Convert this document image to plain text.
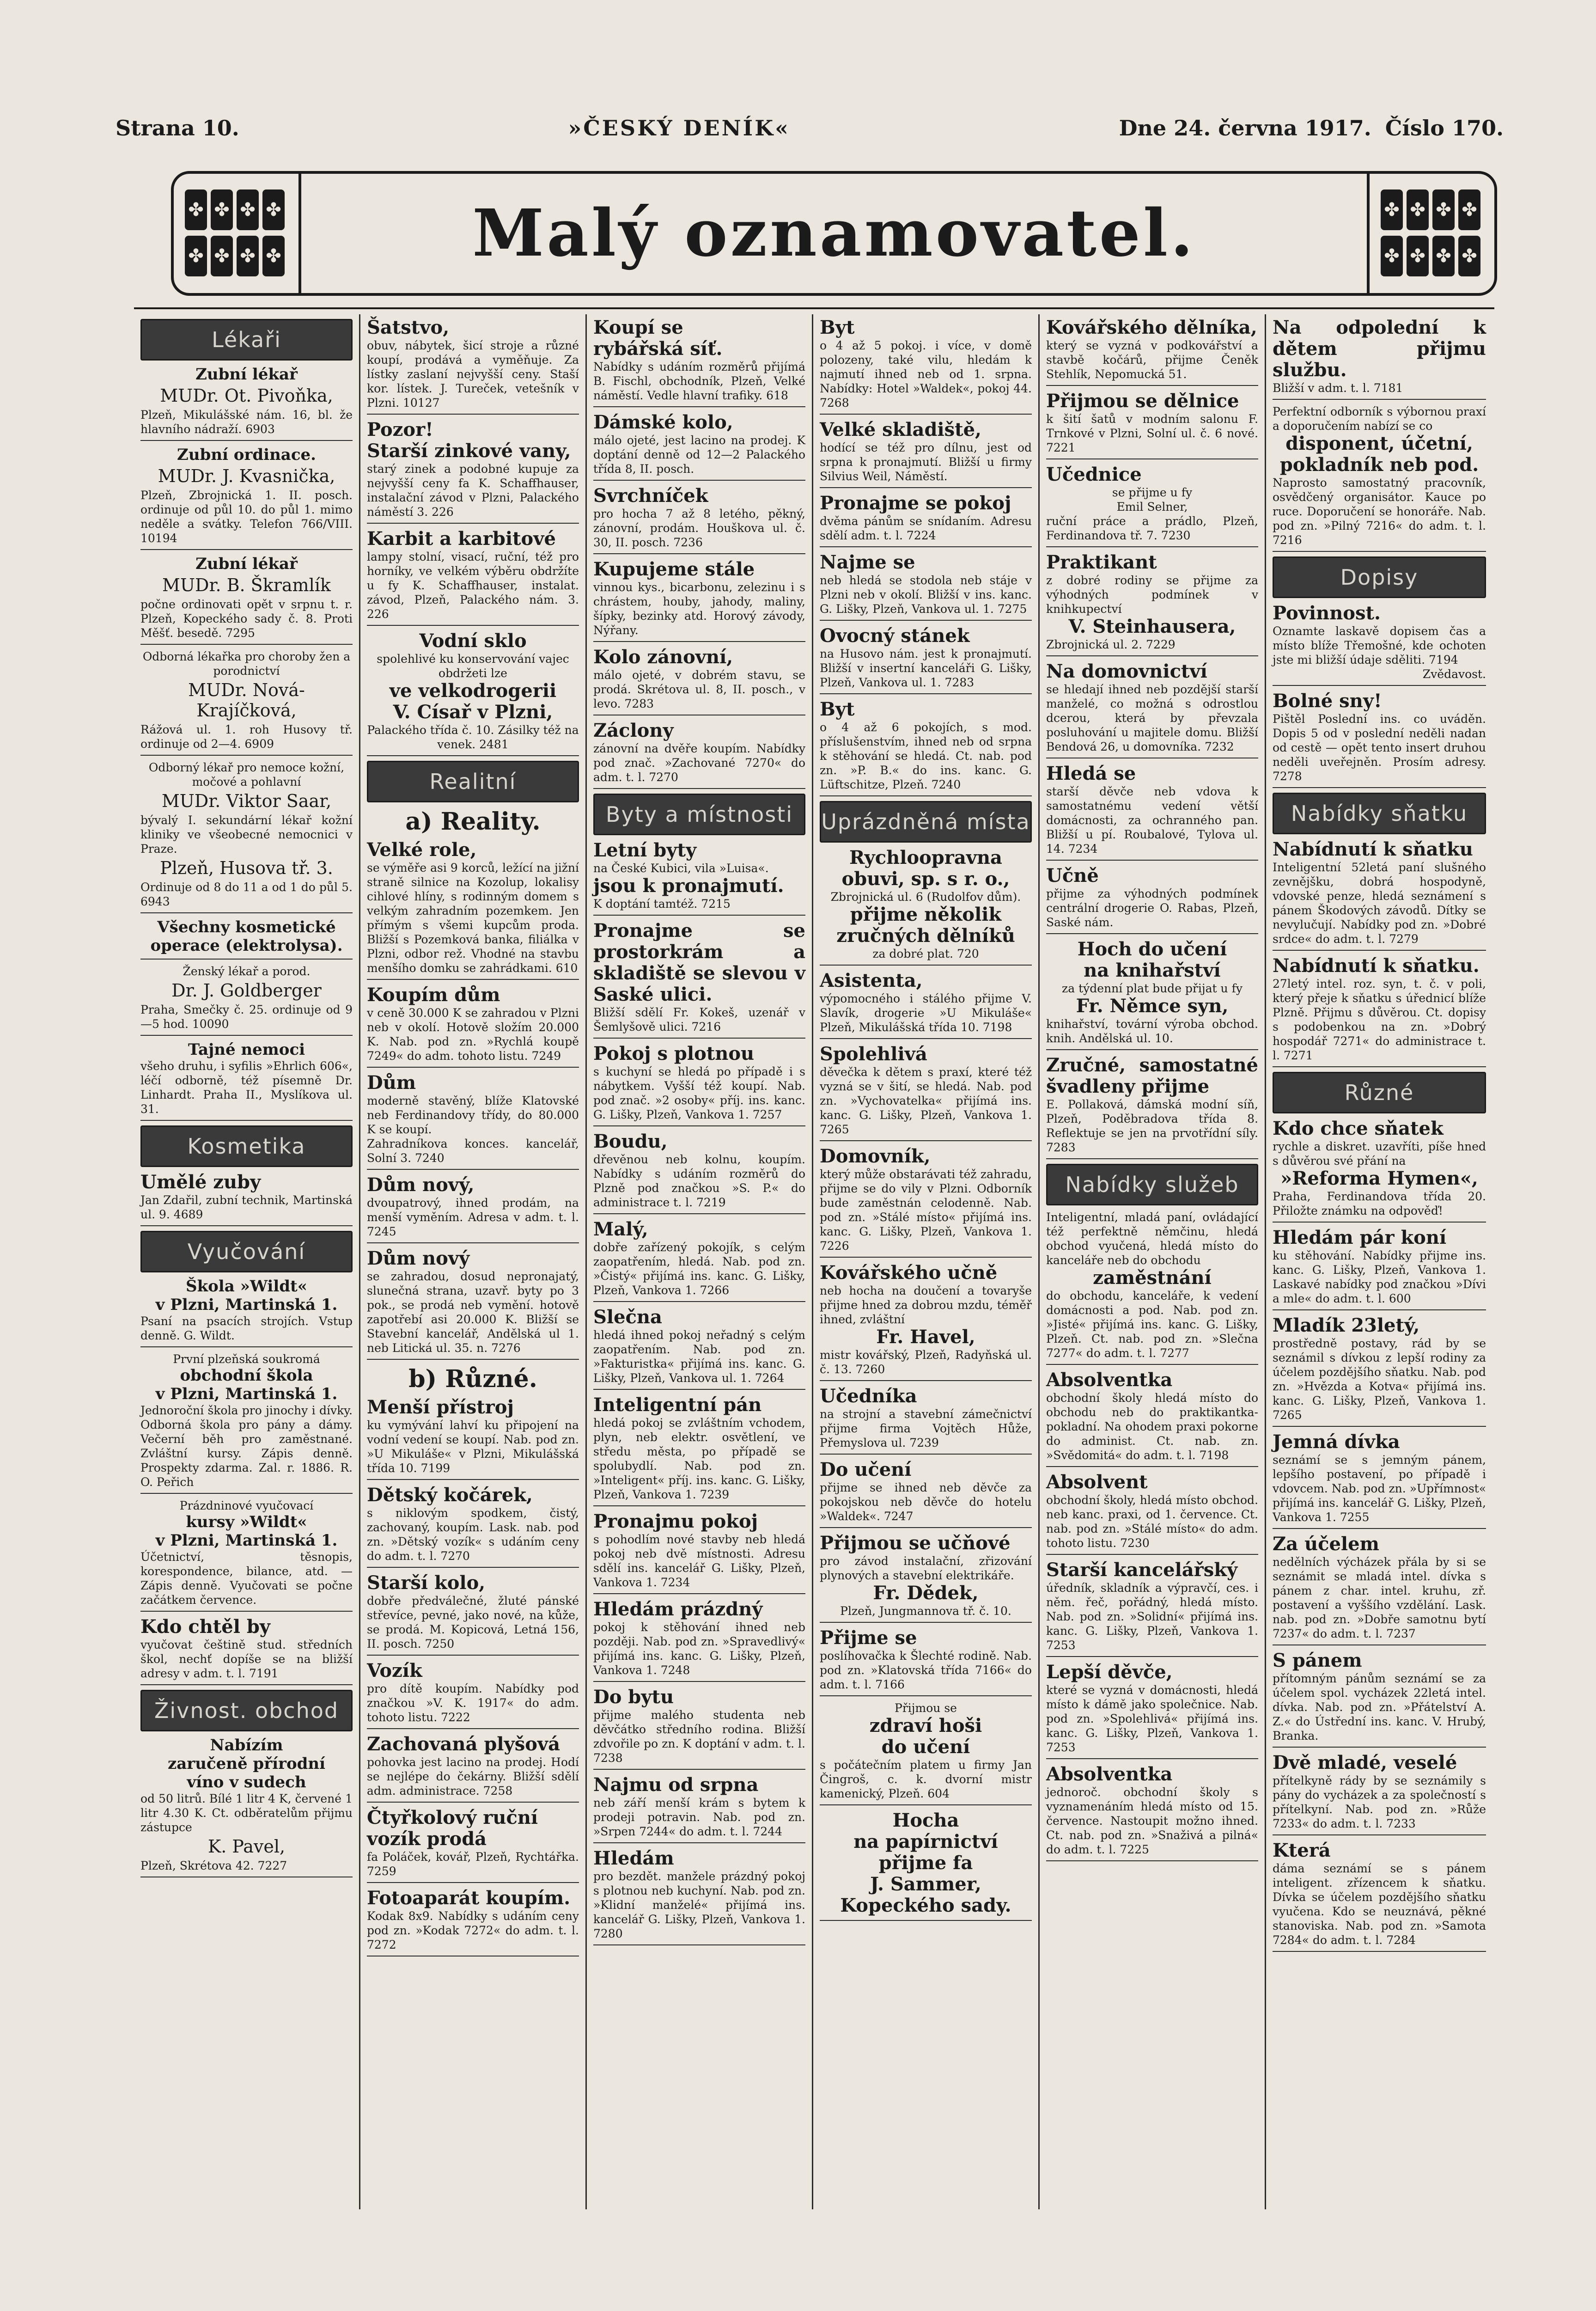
Strana 10.	»ČESKÝ DENÍK«	Dne 24. června 1917. Číslo 170.
✤ ✤ ✤ ✤
✤ ✤ ✤ ✤	Malý oznamovatel.	✤ ✤ ✤ ✤
✤ ✤ ✤ ✤
Lékaři
Zubní lékař

MUDr. Ot. Pivoňka,

Plzeň, Mikulášské nám. 16, bl. že hlavního nádraží. 6903

Zubní ordinace.

MUDr. J. Kvasnička,

Plzeň, Zbrojnická 1. II. posch. ordinuje od půl 10. do půl 1. mimo neděle a svátky. Telefon 766/VIII. 10194

Zubní lékař

MUDr. B. Škramlík

počne ordinovati opět v srpnu t. r. Plzeň, Kopeckého sady č. 8. Proti Měšť. besedě. 7295

Odborná lékařka pro choroby žen a porodnictví

MUDr. Nová-Krajíčková,

Rážová ul. 1. roh Husovy tř. ordinuje od 2—4. 6909

Odborný lékař pro nemoce kožní, močové a pohlavní

MUDr. Viktor Saar,

bývalý I. sekundární lékař kožní kliniky ve všeobecné nemocnici v Praze.

Plzeň, Husova tř. 3.

Ordinuje od 8 do 11 a od 1 do půl 5. 6943

Všechny kosmetické operace (elektrolysa).

Ženský lékař a porod.

Dr. J. Goldberger

Praha, Smečky č. 25. ordinuje od 9—5 hod. 10090

Tajné nemoci

všeho druhu, i syfilis »Ehrlich 606«, léčí odborně, též písemně Dr. Linhardt. Praha II., Myslíkova ul. 31.

Kosmetika
Umělé zuby

Jan Zdařil, zubní technik, Martinská ul. 9. 4689

Vyučování
Škola »Wildt«
v Plzni, Martinská 1.

Psaní na psacích strojích. Vstup denně. G. Wildt.

První plzeňská soukromá

obchodní škola
v Plzni, Martinská 1.

Jednoroční škola pro jinochy i dívky. Odborná škola pro pány a dámy. Večerní běh pro zaměstnané. Zvláštní kursy. Zápis denně. Prospekty zdarma. Zal. r. 1886. R. O. Peřich

Prázdninové vyučovací

kursy »Wildt«
v Plzni, Martinská 1.

Účetnictví, těsnopis, korespondence, bilance, atd. — Zápis denně. Vyučovati se počne začátkem července.

Kdo chtěl by

vyučovat češtině stud. středních škol, nechť dopíše se na bližší adresy v adm. t. l. 7191

Živnost. obchod
Nabízím
zaručeně přírodní
víno v sudech

od 50 litrů. Bílé 1 litr 4 K, červené 1 litr 4.30 K. Ct. odběratelům přijmu zástupce

K. Pavel,

Plzeň, Skrétova 42. 7227

Šatstvo,

obuv, nábytek, šicí stroje a různé koupí, prodává a vyměňuje. Za lístky zaslaní nejvyšší ceny. Staší kor. lístek. J. Tureček, vetešník v Plzni. 10127

Pozor!
Starší zinkové vany,

starý zinek a podobné kupuje za nejvyšší ceny fa K. Schaffhauser, instalační závod v Plzni, Palackého náměstí 3. 226

Karbit a karbitové

lampy stolní, visací, ruční, též pro horníky, ve velkém výběru obdržíte u fy K. Schaffhauser, instalat. závod, Plzeň, Palackého nám. 3. 226

Vodní sklo

spolehlivé ku konservování vajec obdržeti lze

ve velkodrogerii
V. Císař v Plzni,

Palackého třída č. 10. Zásilky též na venek. 2481

Realitní
a) Reality.
Velké role,

se výměře asi 9 korců, ležící na jižní straně silnice na Kozolup, lokalisy cihlové hlíny, s rodinným domem s velkým zahradním pozemkem. Jen přímým s všemi kupcům proda. Bližší s Pozemková banka, filiálka v Plzni, odbor rež. Vhodné na stavbu menšího domku se zahrádkami. 610

Koupím dům

v ceně 30.000 K se zahradou v Plzni neb v okolí. Hotově složím 20.000 K. Nab. pod zn. »Rychlá koupě 7249« do adm. tohoto listu. 7249

Dům

moderně stavěný, blíže Klatovské neb Ferdinandovy třídy, do 80.000 K se koupí.

Zahradníkova konces. kancelář, Solní 3. 7240

Dům nový,

dvoupatrový, ihned prodám, na menší vyměním. Adresa v adm. t. l. 7245

Dům nový

se zahradou, dosud nepronajatý, slunečná strana, uzavř. byty po 3 pok., se prodá neb vymění. hotově zapotřebí asi 20.000 K. Bližší se Stavební kancelář, Andělská ul 1. neb Litická ul. 35. n. 7276

b) Různé.
Menší přístroj

ku vymývání lahví ku připojení na vodní vedení se koupí. Nab. pod zn. »U Mikuláše« v Plzni, Mikulášská třída 10. 7199

Dětský kočárek,

s niklovým spodkem, čistý, zachovaný, koupím. Lask. nab. pod zn. »Dětský vozík« s udáním ceny do adm. t. l. 7270

Starší kolo,

dobře předválečné, žluté pánské střevíce, pevné, jako nové, na kůže, se prodá. M. Kopicová, Letná 156, II. posch. 7250

Vozík

pro dítě koupím. Nabídky pod značkou »V. K. 1917« do adm. tohoto listu. 7222

Zachovaná plyšová

pohovka jest lacino na prodej. Hodí se nejlépe do čekárny. Bližší sdělí adm. administrace. 7258

Čtyřkolový ruční
vozík prodá

fa Poláček, kovář, Plzeň, Rychtářka. 7259

Fotoaparát koupím.

Kodak 8x9. Nabídky s udáním ceny pod zn. »Kodak 7272« do adm. t. l. 7272

Koupí se
rybářská síť.

Nabídky s udáním rozměrů přijímá B. Fischl, obchodník, Plzeň, Velké náměstí. Vedle hlavní trafiky. 618

Dámské kolo,

málo ojeté, jest lacino na prodej. K doptání denně od 12—2 Palackého třída 8, II. posch.

Svrchníček

pro hocha 7 až 8 letého, pěkný, zánovní, prodám. Houškova ul. č. 30, II. posch. 7236

Kupujeme stále

vinnou kys., bicarbonu, zelezinu i s chrástem, houby, jahody, maliny, šípky, bezinky atd. Horový závody, Nýřany.

Kolo zánovní,

málo ojeté, v dobrém stavu, se prodá. Skrétova ul. 8, II. posch., v levo. 7283

Záclony

zánovní na dvěře koupím. Nabídky pod znač. »Zachované 7270« do adm. t. l. 7270

Byty a místnosti
Letní byty

na České Kubici, vila »Luisa«.

jsou k pronajmutí.

K doptání tamtéž. 7215

Pronajme se prostorkrám a skladiště se slevou v Saské ulici.

Bližší sdělí Fr. Kokeš, uzenář v Šemlyšově ulici. 7216

Pokoj s plotnou

s kuchyní se hledá po případě i s nábytkem. Vyšší též koupí. Nab. pod znač. »2 osoby« příj. ins. kanc. G. Lišky, Plzeň, Vankova 1. 7257

Boudu,

dřevěnou neb kolnu, koupím. Nabídky s udáním rozměrů do Plzně pod značkou »S. P.« do administrace t. l. 7219

Malý,

dobře zařízený pokojík, s celým zaopatřením, hledá. Nab. pod zn. »Čistý« přijímá ins. kanc. G. Lišky, Plzeň, Vankova 1. 7266

Slečna

hledá ihned pokoj neřadný s celým zaopatřením. Nab. pod zn. »Fakturistka« přijímá ins. kanc. G. Lišky, Plzeň, Vankova ul. 1. 7264

Inteligentní pán

hledá pokoj se zvláštním vchodem, plyn, neb elektr. osvětlení, ve středu města, po případě se spolubydlí. Nab. pod zn. »Inteligent« příj. ins. kanc. G. Lišky, Plzeň, Vankova 1. 7239

Pronajmu pokoj

s pohodlím nové stavby neb hledá pokoj neb dvě místnosti. Adresu sdělí ins. kancelář G. Lišky, Plzeň, Vankova 1. 7234

Hledám prázdný

pokoj k stěhování ihned neb později. Nab. pod zn. »Spravedlivý« přijímá ins. kanc. G. Lišky, Plzeň, Vankova 1. 7248

Do bytu

přijme malého studenta neb děvčátko středního rodina. Bližší zdvořile po zn. K doptání v adm. t. l. 7238

Najmu od srpna

neb září menší krám s bytem k prodeji potravin. Nab. pod zn. »Srpen 7244« do adm. t. l. 7244

Hledám

pro bezdět. manžele prázdný pokoj s plotnou neb kuchyní. Nab. pod zn. »Klidní manželé« přijímá ins. kancelář G. Lišky, Plzeň, Vankova 1. 7280

Byt

o 4 až 5 pokoj. i více, v domě polozeny, také vilu, hledám k najmutí ihned neb od 1. srpna. Nabídky: Hotel »Waldek«, pokoj 44. 7268

Velké skladiště,

hodící se též pro dílnu, jest od srpna k pronajmutí. Bližší u firmy Silvius Weil, Náměstí.

Pronajme se pokoj

dvěma pánům se snídaním. Adresu sdělí adm. t. l. 7224

Najme se

neb hledá se stodola neb stáje v Plzni neb v okolí. Bližší v ins. kanc. G. Lišky, Plzeň, Vankova ul. 1. 7275

Ovocný stánek

na Husovo nám. jest k pronajmutí. Bližší v insertní kanceláři G. Lišky, Plzeň, Vankova ul. 1. 7283

Byt

o 4 až 6 pokojích, s mod. příslušenstvím, ihned neb od srpna k stěhování se hledá. Ct. nab. pod zn. »P. B.« do ins. kanc. G. Lüftschitze, Plzeň. 7240

Uprázdněná místa
Rychloopravna obuvi, sp. s r. o.,

Zbrojnická ul. 6 (Rudolfov dům).

přijme několik zručných dělníků

za dobré plat. 720

Asistenta,

výpomocného i stálého přijme V. Slavík, drogerie »U Mikuláše« Plzeň, Mikulášská třída 10. 7198

Spolehlivá

děvečka k dětem s praxí, které též vyzná se v šití, se hledá. Nab. pod zn. »Vychovatelka« přijímá ins. kanc. G. Lišky, Plzeň, Vankova 1. 7265

Domovník,

který může obstarávati též zahradu, přijme se do vily v Plzni. Odborník bude zaměstnán celodenně. Nab. pod zn. »Stálé místo« přijímá ins. kanc. G. Lišky, Plzeň, Vankova 1. 7226

Kovářského učně

neb hocha na doučení a tovaryše přijme hned za dobrou mzdu, téměř ihned, zvláštní

Fr. Havel,

mistr kovářský, Plzeň, Radyňská ul. č. 13. 7260

Učedníka

na strojní a stavební zámečnictví přijme firma Vojtěch Hůže, Přemyslova ul. 7239

Do učení

přijme se ihned neb děvče za pokojskou neb děvče do hotelu »Waldek«. 7247

Přijmou se učňové

pro závod instalační, zřizování plynových a stavební elektrikáře.

Fr. Dědek,

Plzeň, Jungmannova tř. č. 10.

Přijme se

poslíhovačka k Šlechté rodině. Nab. pod zn. »Klatovská třída 7166« do adm. t. l. 7166

Přijmou se

zdraví hoši
do učení

s počátečním platem u firmy Jan Čingroš, c. k. dvorní mistr kamenický, Plzeň. 604

Hocha
na papírnictví
přijme fa
J. Sammer,
Kopeckého sady.
Kovářského dělníka,

který se vyzná v podkovářství a stavbě kočárů, přijme Čeněk Stehlík, Nepomucká 51.

Přijmou se dělnice

k šití šatů v modním salonu F. Trnkové v Plzni, Solní ul. č. 6 nové. 7221

Učednice

se přijme u fy

Emil Selner,

ruční práce a prádlo, Plzeň, Ferdinandova tř. 7. 7230

Praktikant

z dobré rodiny se přijme za výhodných podmínek v knihkupectví

V. Steinhausera,

Zbrojnická ul. 2. 7229

Na domovnictví

se hledají ihned neb pozdější starší manželé, co možná s odrostlou dcerou, která by převzala posluhování u majitele domu. Bližší Bendová 26, u domovníka. 7232

Hledá se

starší děvče neb vdova k samostatnému vedení větší domácnosti, za ochranného pan. Bližší u pí. Roubalové, Tylova ul. 14. 7234

Učně

přijme za výhodných podmínek centrální drogerie O. Rabas, Plzeň, Saské nám.

Hoch do učení
na knihařství

za týdenní plat bude přijat u fy

Fr. Němce syn,

knihařství, tovární výroba obchod. knih. Andělská ul. 10.

Zručné, samostatné švadleny přijme

E. Pollaková, dámská modní síň, Plzeň, Poděbradova třída 8. Reflektuje se jen na prvotřídní síly. 7283

Nabídky služeb

Inteligentní, mladá paní, ovládající též perfektně němčinu, hledá obchod vyučená, hledá místo do kanceláře neb do obchodu

zaměstnání

do obchodu, kanceláře, k vedení domácnosti a pod. Nab. pod zn. »Jisté« přijímá ins. kanc. G. Lišky, Plzeň. Ct. nab. pod zn. »Slečna 7277« do adm. t. l. 7277

Absolventka

obchodní školy hledá místo do obchodu neb do praktikantka-pokladní. Na ohodem praxi pokorne do administ. Ct. nab. zn. »Svědomitá« do adm. t. l. 7198

Absolvent

obchodní školy, hledá místo obchod. neb kanc. praxi, od 1. července. Ct. nab. pod zn. »Stálé místo« do adm. tohoto listu. 7230

Starší kancelářský

úředník, skladník a výpravčí, ces. i něm. řeč, pořádný, hledá místo. Nab. pod zn. »Solidní« přijímá ins. kanc. G. Lišky, Plzeň, Vankova 1. 7253

Lepší děvče,

které se vyzná v domácnosti, hledá místo k dámě jako společnice. Nab. pod zn. »Spolehlivá« přijímá ins. kanc. G. Lišky, Plzeň, Vankova 1. 7253

Absolventka

jednoroč. obchodní školy s vyznamenáním hledá místo od 15. července. Nastoupit možno ihned. Ct. nab. pod zn. »Snaživá a pilná« do adm. t. l. 7225

Na odpolední k dětem přijmu službu.

Bližší v adm. t. l. 7181

Perfektní odborník s výbornou praxí a doporučením nabízí se co

disponent, účetní,
pokladník neb pod.

Naprosto samostatný pracovník, osvědčený organisátor. Kauce po ruce. Doporučení se honoráře. Nab. pod zn. »Pilný 7216« do adm. t. l. 7216

Dopisy
Povinnost.

Oznamte laskavě dopisem čas a místo blíže Třemošné, kde ochoten jste mi bližší údaje sděliti. 7194

Zvědavost.

Bolné sny!

Pištěl Poslední ins. co uváděn. Dopis 5 od v poslední neděli nadan od cestě — opět tento insert druhou neděli uveřejněn. Prosím adresy. 7278

Nabídky sňatku
Nabídnutí k sňatku

Inteligentní 52letá paní slušného zevnějšku, dobrá hospodyně, vdovské penze, hledá seznámení s pánem Škodových závodů. Dítky se nevylučují. Nabídky pod zn. »Dobré srdce« do adm. t. l. 7279

Nabídnutí k sňatku.

27letý intel. roz. syn, t. č. v poli, který přeje k sňatku s úřednicí blíže Plzně. Přijmu s důvěrou. Ct. dopisy s podobenkou na zn. »Dobrý hospodář 7271« do administrace t. l. 7271

Různé
Kdo chce sňatek

rychle a diskret. uzavříti, píše hned s důvěrou své přání na

»Reforma Hymen«,

Praha, Ferdinandova třída 20. Přiložte známku na odpověď!

Hledám pár koní

ku stěhování. Nabídky přijme ins. kanc. G. Lišky, Plzeň, Vankova 1. Laskavé nabídky pod značkou »Dívi a mle« do adm. t. l. 600

Mladík 23letý,

prostředně postavy, rád by se seznámil s dívkou z lepší rodiny za účelem pozdějšího sňatku. Nab. pod zn. »Hvězda a Kotva« přijímá ins. kanc. G. Lišky, Plzeň, Vankova 1. 7265

Jemná dívka

seznámí se s jemným pánem, lepšího postavení, po případě i vdovcem. Nab. pod zn. »Upřímnost« přijímá ins. kancelář G. Lišky, Plzeň, Vankova 1. 7255

Za účelem

nedělních výcházek přála by si se seznámit se mladá intel. dívka s pánem z char. intel. kruhu, zř. postavení a vyššího vzdělání. Lask. nab. pod zn. »Dobře samotnu bytí 7237« do adm. t. l. 7237

S pánem

přítomným pánům seznámí se za účelem spol. vycházek 22letá intel. dívka. Nab. pod zn. »Přátelství A. Z.« do Ústřední ins. kanc. V. Hrubý, Branka.

Dvě mladé, veselé

přítelkyně rády by se seznámily s pány do vycházek a za společností s přítelkyní. Nab. pod zn. »Růže 7233« do adm. t. l. 7233

Která

dáma seznámí se s pánem inteligent. zřízencem k sňatku. Dívka se účelem pozdějšího sňatku vyučena. Kdo se neuznává, pěkné stanoviska. Nab. pod zn. »Samota 7284« do adm. t. l. 7284
